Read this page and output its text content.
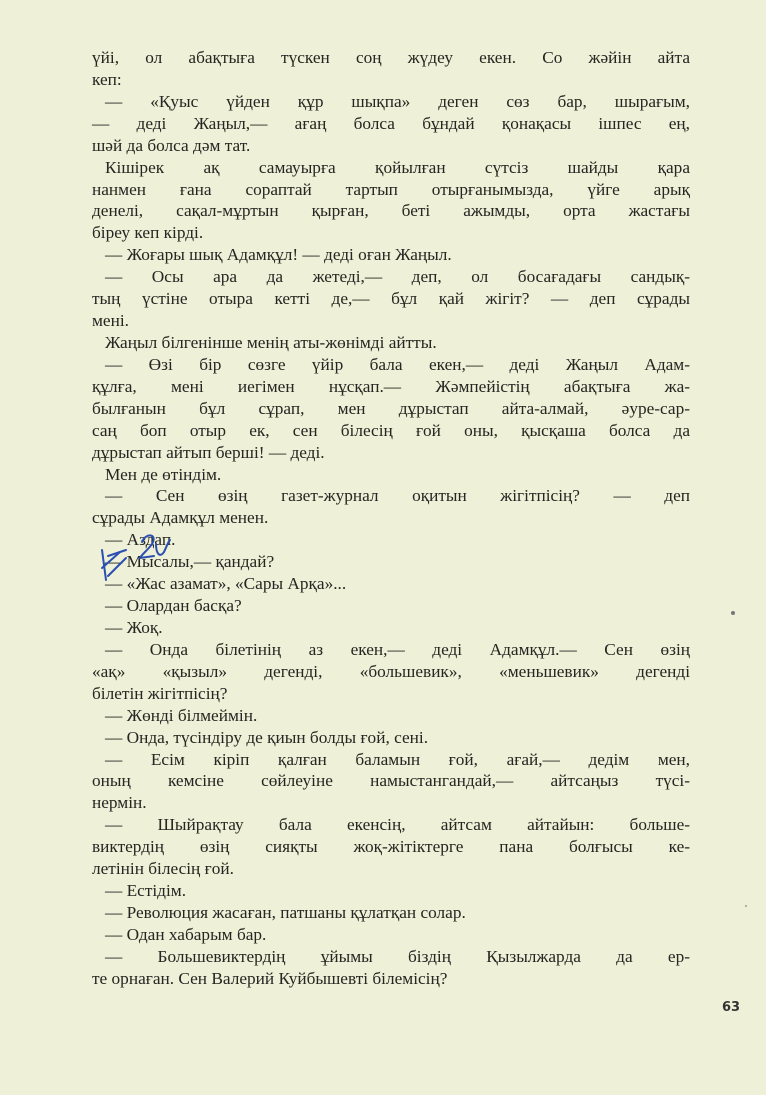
үйі, ол абақтыға түскен соң жүдеу екен. Со жәйін айта
кеп:
— «Қуыс үйден құр шықпа» деген сөз бар, шырағым,
— деді Жаңыл,— ағаң болса бұндай қонақасы ішпес ең,
шәй да болса дәм тат.
Кішірек ақ самауырға қойылған сүтсіз шайды қара
нанмен ғана сораптай тартып отырғанымызда, үйге арық
денелі, сақал-мұртын қырған, беті ажымды, орта жастағы
біреу кеп кірді.
— Жоғары шық Адамқұл! — деді оған Жаңыл.
— Осы ара да жетеді,— деп, ол босағадағы сандық-
тың үстіне отыра кетті де,— бұл қай жігіт? — деп сұрады
мені.
Жаңыл білгенінше менің аты-жөнімді айтты.
— Өзі бір сөзге үйір бала екен,— деді Жаңыл Адам-
құлға, мені иегімен нұсқап.— Жәмпейістің абақтыға жа-
былғанын бұл сұрап, мен дұрыстап айта-алмай, әуре-сар-
саң боп отыр ек, сен білесің ғой оны, қысқаша болса да
дұрыстап айтып берші! — деді.
Мен де өтіндім.
— Сен өзің газет-журнал оқитын жігітпісің? — деп
сұрады Адамқұл менен.
— Аздап.
— Мысалы,— қандай?
— «Жас азамат», «Сары Арқа»...
— Олардан басқа?
— Жоқ.
— Онда білетінің аз екен,— деді Адамқұл.— Сен өзің
«ақ» «қызыл» дегенді, «большевик», «меньшевик» дегенді
білетін жігітпісің?
— Жөнді білмеймін.
— Онда, түсіндіру де қиын болды ғой, сені.
— Есім кіріп қалған баламын ғой, ағай,— дедім мен,
оның кемсіне сөйлеуіне намыстангандай,— айтсаңыз түсі-
нермін.
— Шыйрақтау бала екенсің, айтсам айтайын: больше-
виктердің өзің сияқты жоқ-жітіктерге пана болғысы ке-
летінін білесің ғой.
— Естідім.
— Революция жасаған, патшаны құлатқан солар.
— Одан хабарым бар.
— Большевиктердің ұйымы біздің Қызылжарда да ер-
те орнаған. Сен Валерий Куйбышевті білемісің?
63
